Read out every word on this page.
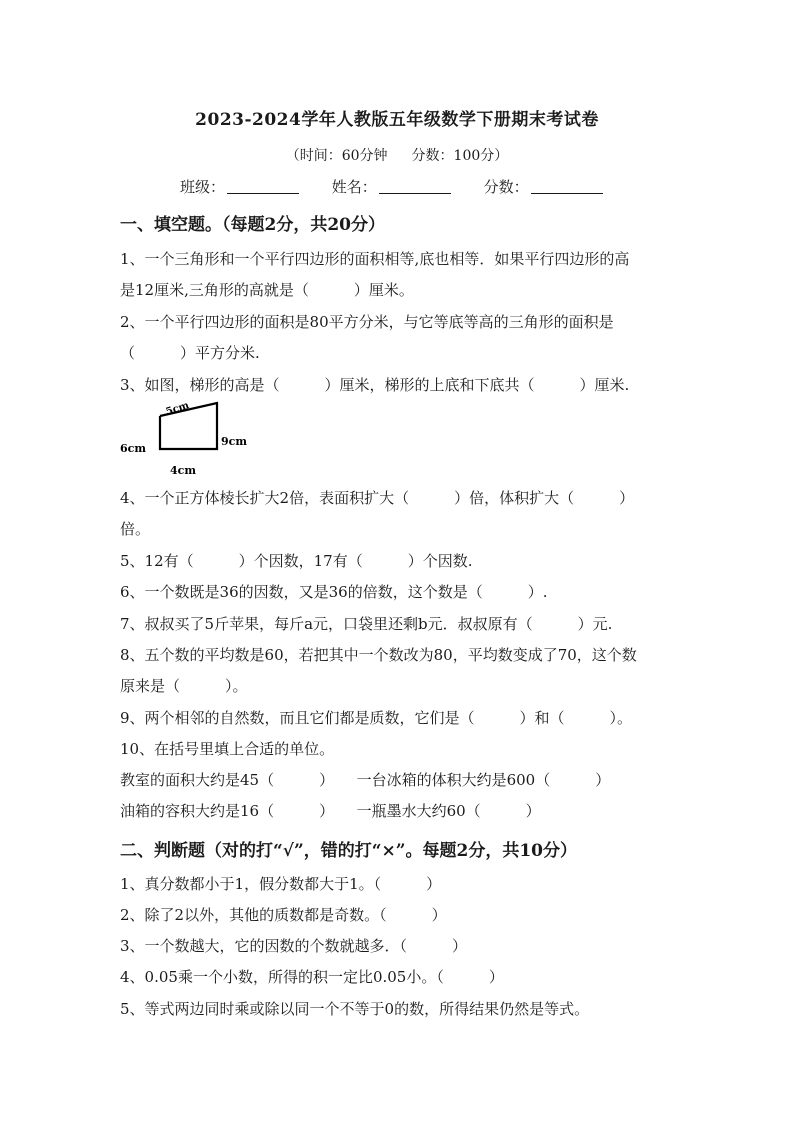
2023-2024学年人教版五年级数学下册期末考试卷
（时间：60分钟 分数：100分）
班级：	姓名：	分数：
一、填空题。（每题2分，共20分）
1、一个三角形和一个平行四边形的面积相等,底也相等．如果平行四边形的高
是12厘米,三角形的高就是（　　　）厘米。
2、一个平行四边形的面积是80平方分米，与它等底等高的三角形的面积是
（　　　）平方分米.
3、如图，梯形的高是（　　　）厘米，梯形的上底和下底共（　　　）厘米.
5cm
6cm
9cm
4cm
4、一个正方体棱长扩大2倍，表面积扩大（　　　）倍，体积扩大（　　　）
倍。
5、12有（　　　）个因数，17有（　　　）个因数.
6、一个数既是36的因数，又是36的倍数，这个数是（　　　）.
7、叔叔买了5斤苹果，每斤a元，口袋里还剩b元．叔叔原有（　　　）元.
8、五个数的平均数是60，若把其中一个数改为80，平均数变成了70，这个数
原来是（　　　）。
9、两个相邻的自然数，而且它们都是质数，它们是（　　　）和（　　　）。
10、在括号里填上合适的单位。
教室的面积大约是45（　　　）　　一台冰箱的体积大约是600（　　　）
油箱的容积大约是16（　　　）　　一瓶墨水大约60（　　　）
二、判断题（对的打“√”，错的打“×”。每题2分，共10分）
1、真分数都小于1，假分数都大于1。（　　　）
2、除了2以外，其他的质数都是奇数。（　　　）
3、一个数越大，它的因数的个数就越多．（　　　）
4、0.05乘一个小数，所得的积一定比0.05小。（　　　）
5、等式两边同时乘或除以同一个不等于0的数，所得结果仍然是等式。
